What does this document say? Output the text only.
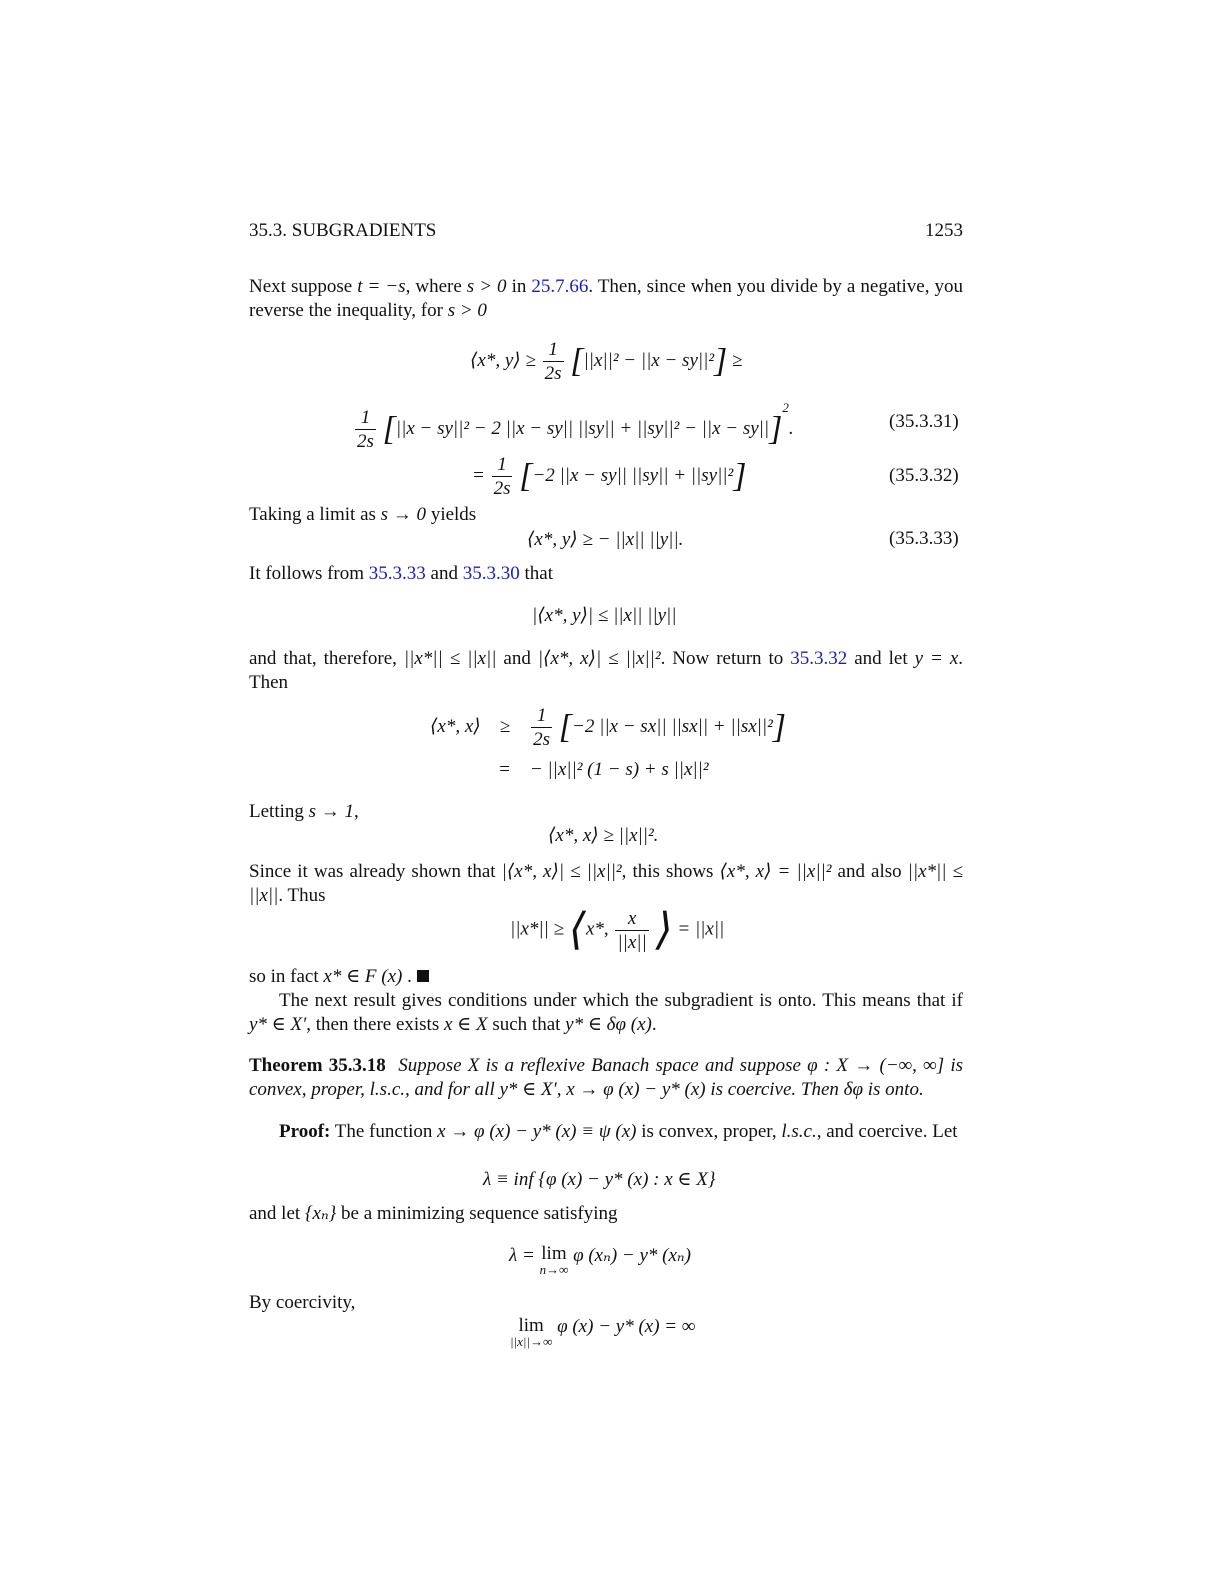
35.3. SUBGRADIENTS	1253
Next suppose t = −s, where s > 0 in 25.7.66. Then, since when you divide by a negative, you reverse the inequality, for s > 0
⟨x*, y⟩ ≥ $\frac{1}{2s} [||x||^2 - ||x - sy||^2]$ ≥
$\frac{1}{2s} [||x - sy||^2 - 2$ ||x − sy|| ||sy|| + ||sy||² − ||x − sy||]$^2$.	(35.3.31)
= $\frac{1}{2s} [-2$ ||x − sy|| ||sy|| + ||sy||²]	(35.3.32)
Taking a limit as s → 0 yields
⟨x*, y⟩ ≥ − ||x|| ||y||.	(35.3.33)
It follows from 35.3.33 and 35.3.30 that
|⟨x*, y⟩| ≤ ||x|| ||y||
and that, therefore, ||x*|| ≤ ||x|| and |⟨x*, x⟩| ≤ ||x||². Now return to 35.3.32 and let y = x. Then
⟨x*, x⟩ ≥ $\frac{1}{2s} [-2$ ||x − sx|| ||sx|| + ||sx||²]
= − ||x||² (1 − s) + s ||x||²
Letting s → 1,
⟨x*, x⟩ ≥ ||x||².
Since it was already shown that |⟨x*, x⟩| ≤ ||x||², this shows ⟨x*, x⟩ = ||x||² and also ||x*|| ≤ ||x||. Thus
||x*|| ≥ ⟨x*, $\frac{x}{||x||}$ ⟩ = ||x||
so in fact x* ∈ F (x) .
The next result gives conditions under which the subgradient is onto. This means that if y* ∈ X′, then there exists x ∈ X such that y* ∈ δφ (x).
Theorem 35.3.18 Suppose X is a reflexive Banach space and suppose φ : X → (−∞, ∞] is convex, proper, l.s.c., and for all y* ∈ X′, x → φ (x) − y* (x) is coercive. Then δφ is onto.
Proof: The function x → φ (x) − y* (x) ≡ ψ (x) is convex, proper, l.s.c., and coercive. Let
λ ≡ inf {φ (x) − y* (x) : x ∈ X}
and let {xₙ} be a minimizing sequence satisfying
λ = lim
n→∞
φ (xₙ) − y* (xₙ)
By coercivity,
lim
||x||→∞
φ (x) − y* (x) = ∞
